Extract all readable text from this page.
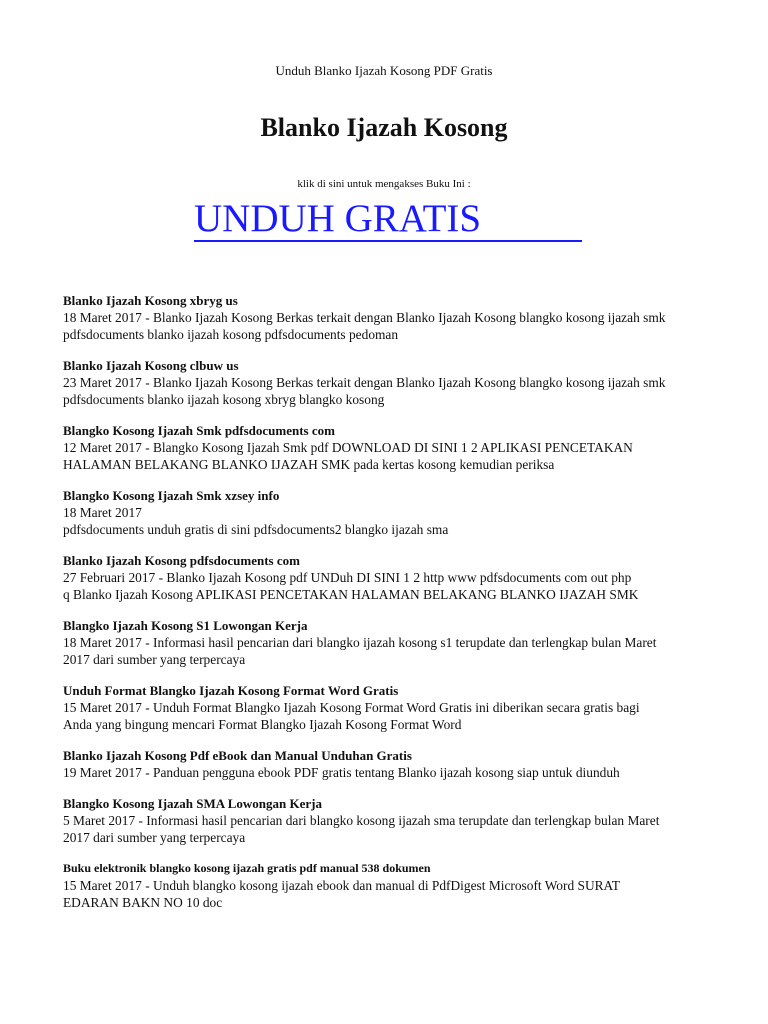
Unduh Blanko Ijazah Kosong PDF Gratis
Blanko Ijazah Kosong
klik di sini untuk mengakses Buku Ini :
UNDUH GRATIS
Blanko Ijazah Kosong xbryg us
18 Maret 2017 - Blanko Ijazah Kosong Berkas terkait dengan Blanko Ijazah Kosong blangko kosong ijazah smk
pdfsdocuments blanko ijazah kosong pdfsdocuments pedoman
Blanko Ijazah Kosong clbuw us
23 Maret 2017 - Blanko Ijazah Kosong Berkas terkait dengan Blanko Ijazah Kosong blangko kosong ijazah smk
pdfsdocuments blanko ijazah kosong xbryg blangko kosong
Blangko Kosong Ijazah Smk pdfsdocuments com
12 Maret 2017 - Blangko Kosong Ijazah Smk pdf DOWNLOAD DI SINI 1 2 APLIKASI PENCETAKAN
HALAMAN BELAKANG BLANKO IJAZAH SMK pada kertas kosong kemudian periksa
Blangko Kosong Ijazah Smk xzsey info
18 Maret 2017
pdfsdocuments unduh gratis di sini pdfsdocuments2 blangko ijazah sma
Blanko Ijazah Kosong pdfsdocuments com
27 Februari 2017 - Blanko Ijazah Kosong pdf UNDuh DI SINI 1 2 http www pdfsdocuments com out php
q Blanko Ijazah Kosong APLIKASI PENCETAKAN HALAMAN BELAKANG BLANKO IJAZAH SMK
Blangko Ijazah Kosong S1 Lowongan Kerja
18 Maret 2017 - Informasi hasil pencarian dari blangko ijazah kosong s1 terupdate dan terlengkap bulan Maret
2017 dari sumber yang terpercaya
Unduh Format Blangko Ijazah Kosong Format Word Gratis
15 Maret 2017 - Unduh Format Blangko Ijazah Kosong Format Word Gratis ini diberikan secara gratis bagi
Anda yang bingung mencari Format Blangko Ijazah Kosong Format Word
Blanko Ijazah Kosong Pdf eBook dan Manual Unduhan Gratis
19 Maret 2017 - Panduan pengguna ebook PDF gratis tentang Blanko ijazah kosong siap untuk diunduh
Blangko Kosong Ijazah SMA Lowongan Kerja
5 Maret 2017 - Informasi hasil pencarian dari blangko kosong ijazah sma terupdate dan terlengkap bulan Maret
2017 dari sumber yang terpercaya
Buku elektronik blangko kosong ijazah gratis pdf manual 538 dokumen
15 Maret 2017 - Unduh blangko kosong ijazah ebook dan manual di PdfDigest Microsoft Word SURAT
EDARAN BAKN NO 10 doc
